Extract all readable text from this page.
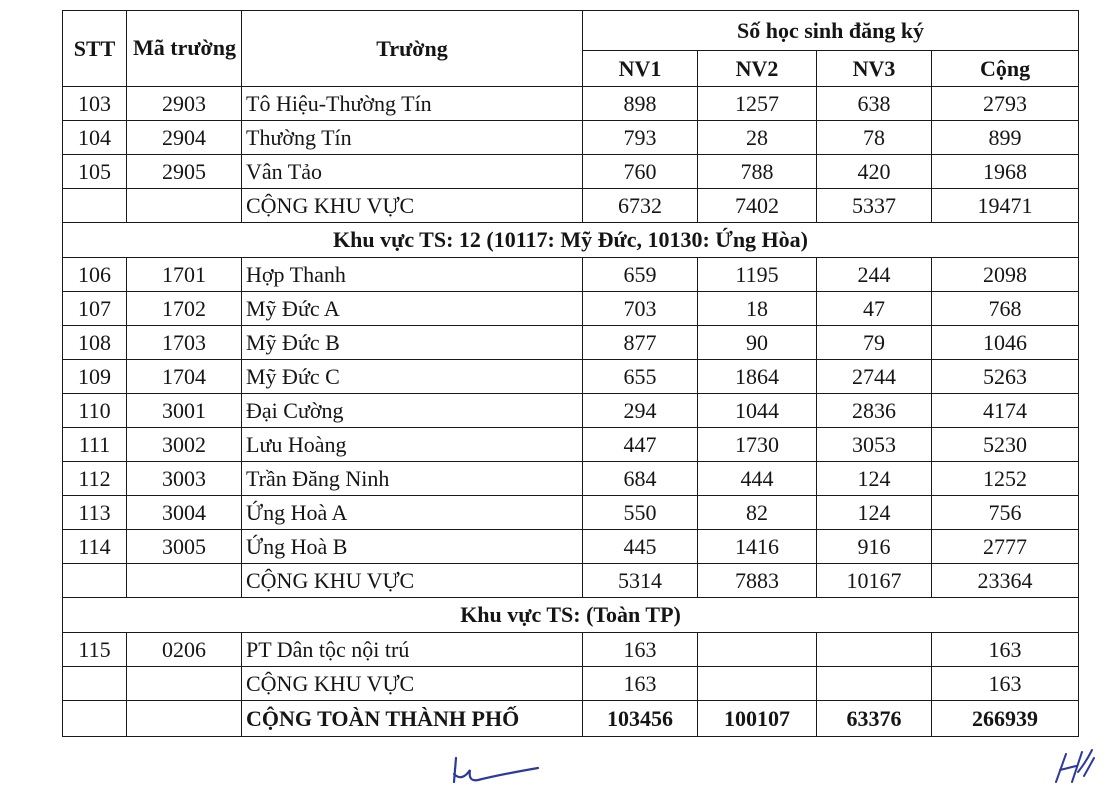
STT	Mã trường	Trường	Số học sinh đăng ký			
			NV1	NV2	NV3	Cộng
103	2903	Tô Hiệu-Thường Tín	898	1257	638	2793
104	2904	Thường Tín	793	28	78	899
105	2905	Vân Tảo	760	788	420	1968
		CỘNG KHU VỰC	6732	7402	5337	19471
Khu vực TS: 12 (10117: Mỹ Đức, 10130: Ứng Hòa)						
106	1701	Hợp Thanh	659	1195	244	2098
107	1702	Mỹ Đức A	703	18	47	768
108	1703	Mỹ Đức B	877	90	79	1046
109	1704	Mỹ Đức C	655	1864	2744	5263
110	3001	Đại Cường	294	1044	2836	4174
111	3002	Lưu Hoàng	447	1730	3053	5230
112	3003	Trần Đăng Ninh	684	444	124	1252
113	3004	Ứng Hoà A	550	82	124	756
114	3005	Ứng Hoà B	445	1416	916	2777
		CỘNG KHU VỰC	5314	7883	10167	23364
Khu vực TS: (Toàn TP)						
115	0206	PT Dân tộc nội trú	163			163
		CỘNG KHU VỰC	163			163
		CỘNG TOÀN THÀNH PHỐ	103456	100107	63376	266939
